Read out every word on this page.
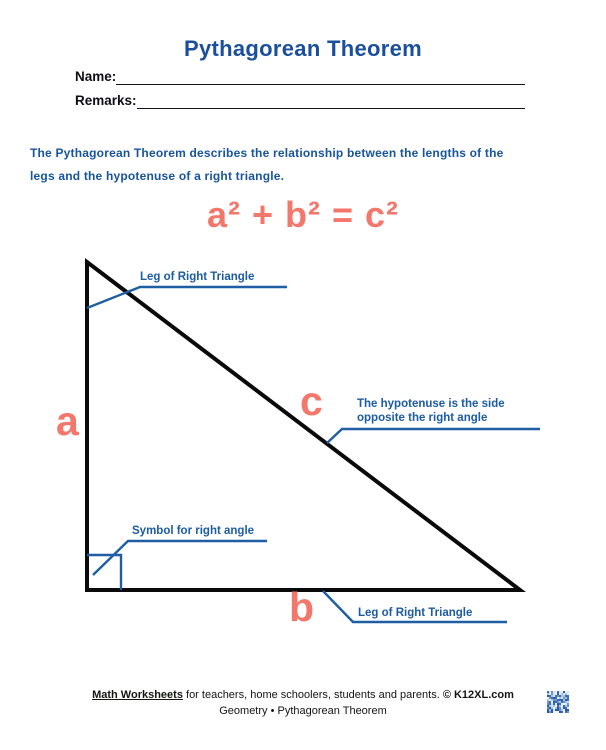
Pythagorean Theorem
Name:
Remarks:

The Pythagorean Theorem describes the relationship between the lengths of the
legs and the hypotenuse of a right triangle.

a² + b² = c²
Leg of Right Triangle
The hypotenuse is the side
opposite the right angle
Symbol for right angle
Leg of Right Triangle
a	c
b
Math Worksheets for teachers, home schoolers, students and parents. © K12XL.com
Geometry • Pythagorean Theorem
